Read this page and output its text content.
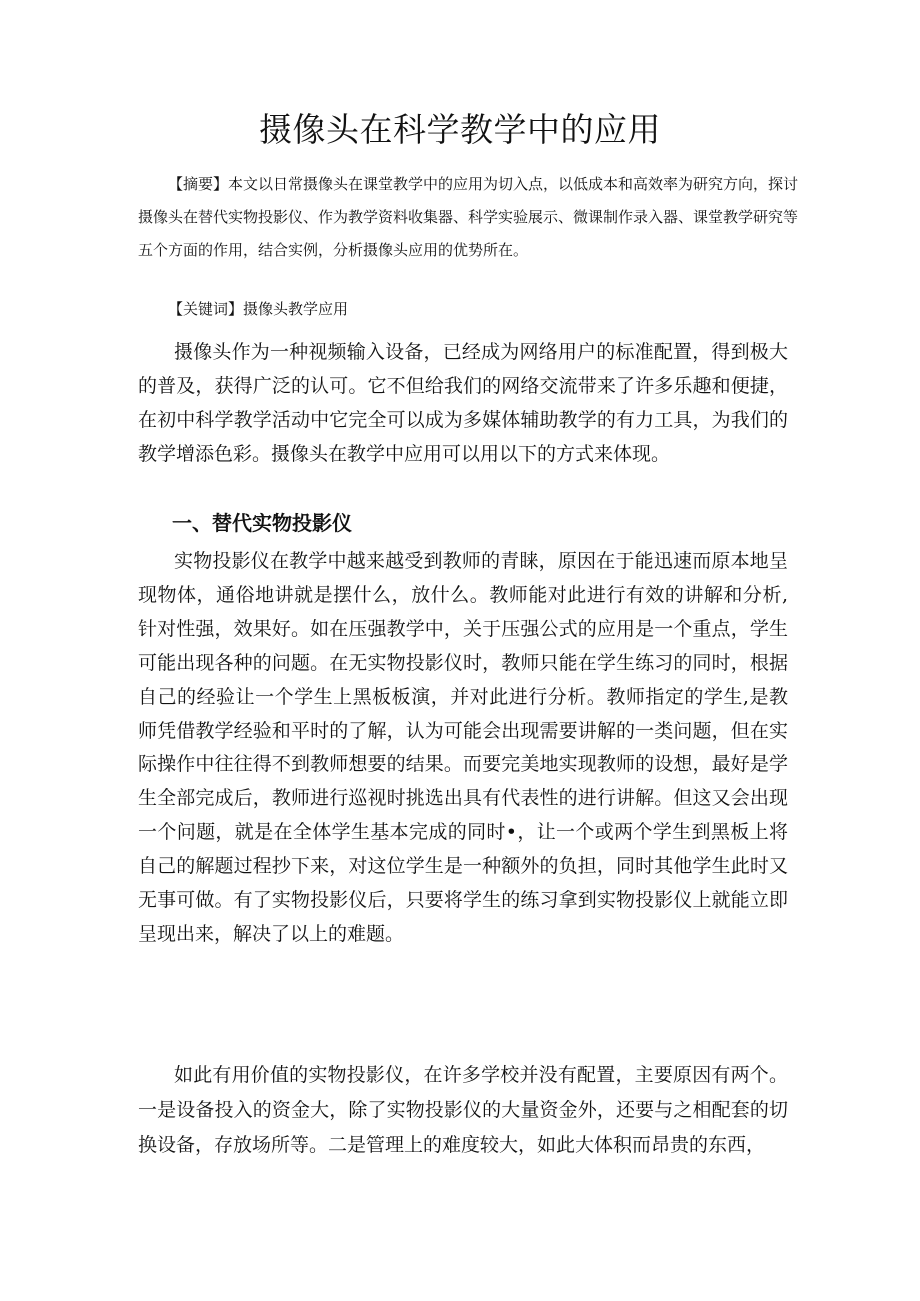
摄像头在科学教学中的应用

【摘要】本文以日常摄像头在课堂教学中的应用为切入点，以低成本和高效率为研究方向，探讨摄像头在替代实物投影仪、作为教学资料收集器、科学实验展示、微课制作录入器、课堂教学研究等五个方面的作用，结合实例，分析摄像头应用的优势所在。

【关键词】摄像头教学应用

摄像头作为一种视频输入设备，已经成为网络用户的标准配置，得到极大的普及，获得广泛的认可。它不但给我们的网络交流带来了许多乐趣和便捷，在初中科学教学活动中它完全可以成为多媒体辅助教学的有力工具，为我们的教学增添色彩。摄像头在教学中应用可以用以下的方式来体现。

一、替代实物投影仪

实物投影仪在教学中越来越受到教师的青睐，原因在于能迅速而原本地呈现物体，通俗地讲就是摆什么，放什么。教师能对此进行有效的讲解和分析,针对性强，效果好。如在压强教学中，关于压强公式的应用是一个重点，学生可能出现各种的问题。在无实物投影仪时，教师只能在学生练习的同时，根据自己的经验让一个学生上黑板板演，并对此进行分析。教师指定的学生,是教师凭借教学经验和平时的了解，认为可能会出现需要讲解的一类问题，但在实际操作中往往得不到教师想要的结果。而要完美地实现教师的设想，最好是学生全部完成后，教师进行巡视时挑选出具有代表性的进行讲解。但这又会出现一个问题，就是在全体学生基本完成的同时•，让一个或两个学生到黑板上将自己的解题过程抄下来，对这位学生是一种额外的负担，同时其他学生此时又无事可做。有了实物投影仪后，只要将学生的练习拿到实物投影仪上就能立即呈现出来，解决了以上的难题。

如此有用价值的实物投影仪，在许多学校并没有配置，主要原因有两个。一是设备投入的资金大，除了实物投影仪的大量资金外，还要与之相配套的切换设备，存放场所等。二是管理上的难度较大，如此大体积而昂贵的东西，
